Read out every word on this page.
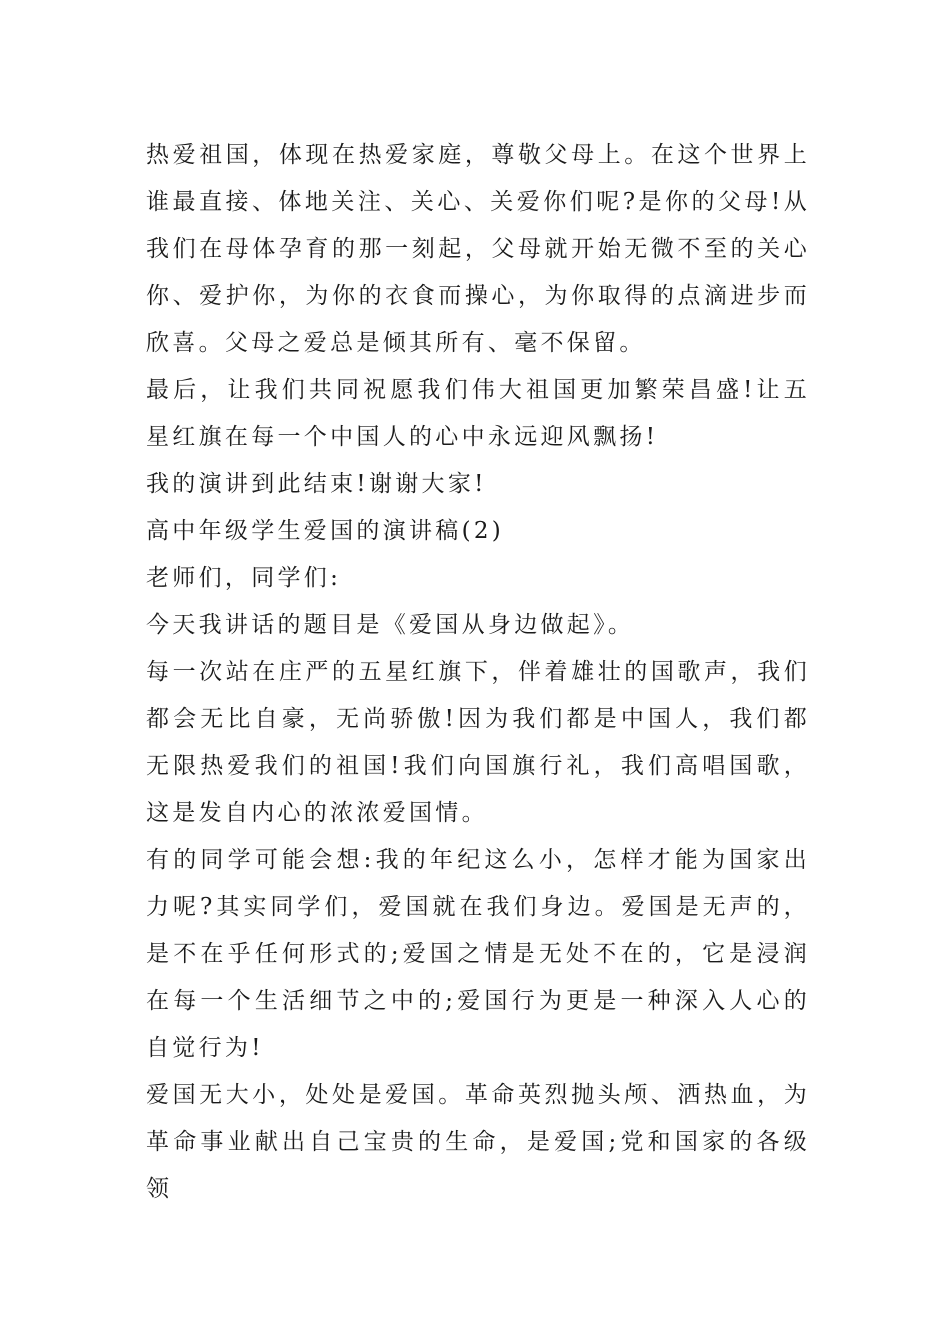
热爱祖国，体现在热爱家庭，尊敬父母上。在这个世界上谁最直接、体地关注、关心、关爱你们呢?是你的父母!从我们在母体孕育的那一刻起，父母就开始无微不至的关心你、爱护你，为你的衣食而操心，为你取得的点滴进步而欣喜。父母之爱总是倾其所有、毫不保留。

最后，让我们共同祝愿我们伟大祖国更加繁荣昌盛!让五星红旗在每一个中国人的心中永远迎风飘扬!

我的演讲到此结束!谢谢大家!

高中年级学生爱国的演讲稿(2)

老师们，同学们:

今天我讲话的题目是《爱国从身边做起》。

每一次站在庄严的五星红旗下，伴着雄壮的国歌声，我们都会无比自豪，无尚骄傲!因为我们都是中国人，我们都无限热爱我们的祖国!我们向国旗行礼，我们高唱国歌，这是发自内心的浓浓爱国情。

有的同学可能会想:我的年纪这么小，怎样才能为国家出力呢?其实同学们，爱国就在我们身边。爱国是无声的，是不在乎任何形式的;爱国之情是无处不在的，它是浸润在每一个生活细节之中的;爱国行为更是一种深入人心的自觉行为!

爱国无大小，处处是爱国。革命英烈抛头颅、洒热血，为革命事业献出自己宝贵的生命，是爱国;党和国家的各级领
